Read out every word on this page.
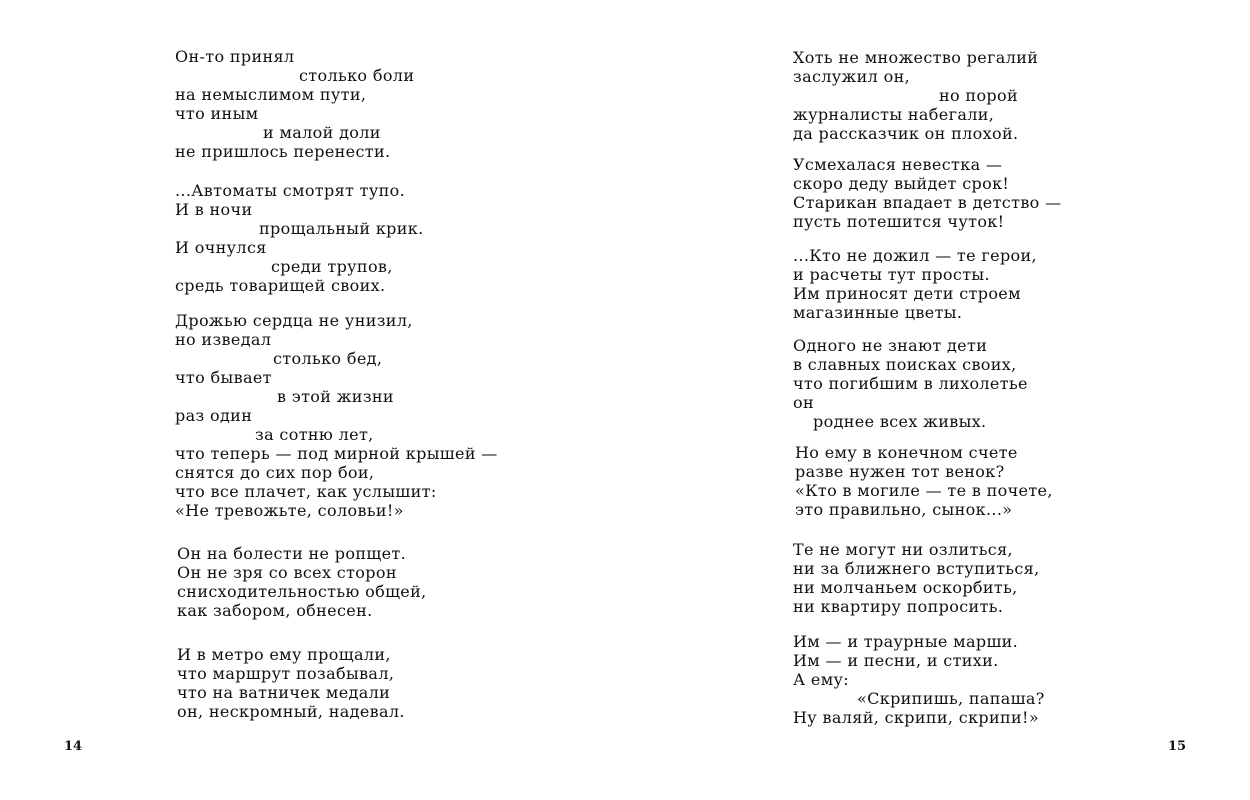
Он-то принял
столько боли
на немыслимом пути,
что иным
и малой доли
не пришлось перенести.
...Автоматы смотрят тупо.
И в ночи
прощальный крик.
И очнулся
среди трупов,
средь товарищей своих.
Дрожью сердца не унизил,
но изведал
столько бед,
что бывает
в этой жизни
раз один
за сотню лет,
что теперь — под мирной крышей —
снятся до сих пор бои,
что все плачет, как услышит:
«Не тревожьте, соловьи!»
Он на болести не ропщет.
Он не зря со всех сторон
снисходительностью общей,
как забором, обнесен.
И в метро ему прощали,
что маршрут позабывал,
что на ватничек медали
он, нескромный, надевал.
14
Хоть не множество регалий
заслужил он,
но порой
журналисты набегали,
да рассказчик он плохой.
Усмехалася невестка —
скоро деду выйдет срок!
Старикан впадает в детство —
пусть потешится чуток!
...Кто не дожил — те герои,
и расчеты тут просты.
Им приносят дети строем
магазинные цветы.
Одного не знают дети
в славных поисках своих,
что погибшим в лихолетье
он
роднее всех живых.
Но ему в конечном счете
разве нужен тот венок?
«Кто в могиле — те в почете,
это правильно, сынок...»
Те не могут ни озлиться,
ни за ближнего вступиться,
ни молчаньем оскорбить,
ни квартиру попросить.
Им — и траурные марши.
Им — и песни, и стихи.
А ему:
«Скрипишь, папаша?
Ну валяй, скрипи, скрипи!»
15
